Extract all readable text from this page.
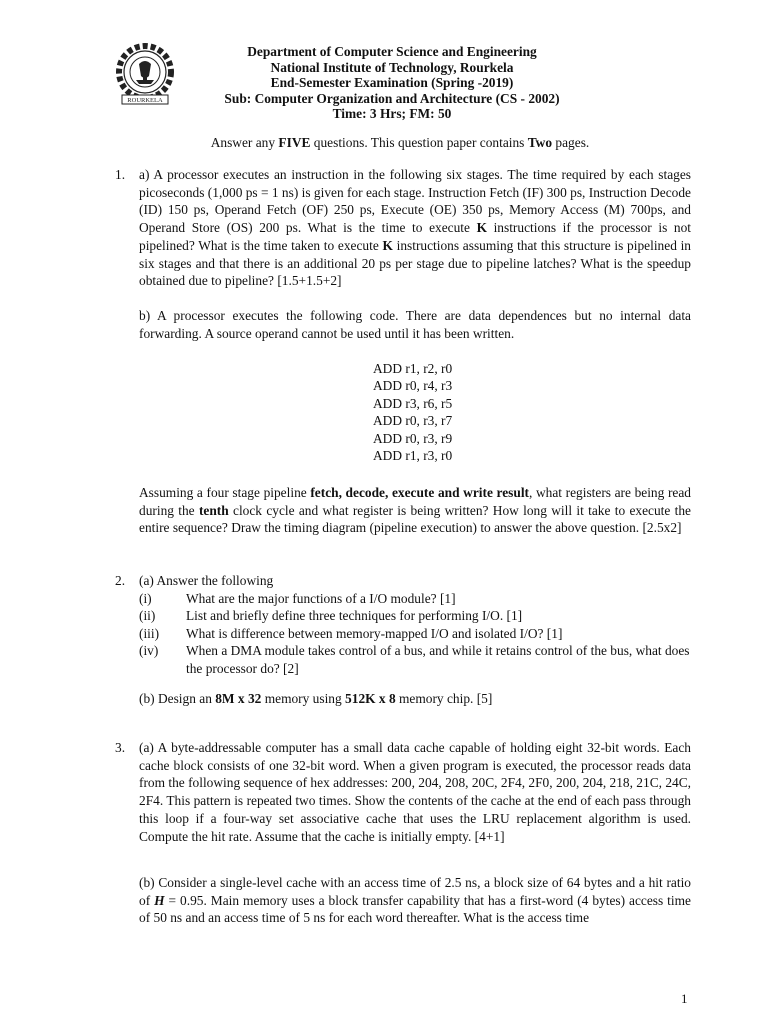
ROURKELA
Department of Computer Science and Engineering
National Institute of Technology, Rourkela
End-Semester Examination (Spring -2019)
Sub: Computer Organization and Architecture (CS - 2002)
Time: 3 Hrs; FM: 50
Answer any FIVE questions. This question paper contains Two pages.
1. a) A processor executes an instruction in the following six stages. The time required by each stages picoseconds (1,000 ps = 1 ns) is given for each stage. Instruction Fetch (IF) 300 ps, Instruction Decode (ID) 150 ps, Operand Fetch (OF) 250 ps, Execute (OE) 350 ps, Memory Access (M) 700ps, and Operand Store (OS) 200 ps. What is the time to execute K instructions if the processor is not pipelined? What is the time taken to execute K instructions assuming that this structure is pipelined in six stages and that there is an additional 20 ps per stage due to pipeline latches? What is the speedup obtained due to pipeline? [1.5+1.5+2]
b) A processor executes the following code. There are data dependences but no internal data forwarding. A source operand cannot be used until it has been written.
ADD r1, r2, r0
ADD r0, r4, r3
ADD r3, r6, r5
ADD r0, r3, r7
ADD r0, r3, r9
ADD r1, r3, r0
Assuming a four stage pipeline fetch, decode, execute and write result, what registers are being read during the tenth clock cycle and what register is being written? How long will it take to execute the entire sequence? Draw the timing diagram (pipeline execution) to answer the above question. [2.5x2]
2. (a) Answer the following
(i)	What are the major functions of a I/O module? [1]
(ii) List and briefly define three techniques for performing I/O. [1]
(iii) What is difference between memory-mapped I/O and isolated I/O? [1]
(iv) When a DMA module takes control of a bus, and while it retains control of the bus, what does the processor do? [2]
(b) Design an 8M x 32 memory using 512K x 8 memory chip. [5]
3. (a) A byte-addressable computer has a small data cache capable of holding eight 32-bit words. Each cache block consists of one 32-bit word. When a given program is executed, the processor reads data from the following sequence of hex addresses: 200, 204, 208, 20C, 2F4, 2F0, 200, 204, 218, 21C, 24C, 2F4. This pattern is repeated two times. Show the contents of the cache at the end of each pass through this loop if a four-way set associative cache that uses the LRU replacement algorithm is used. Compute the hit rate. Assume that the cache is initially empty. [4+1]
(b) Consider a single-level cache with an access time of 2.5 ns, a block size of 64 bytes and a hit ratio of H = 0.95. Main memory uses a block transfer capability that has a first-word (4 bytes) access time of 50 ns and an access time of 5 ns for each word thereafter. What is the access time
1
